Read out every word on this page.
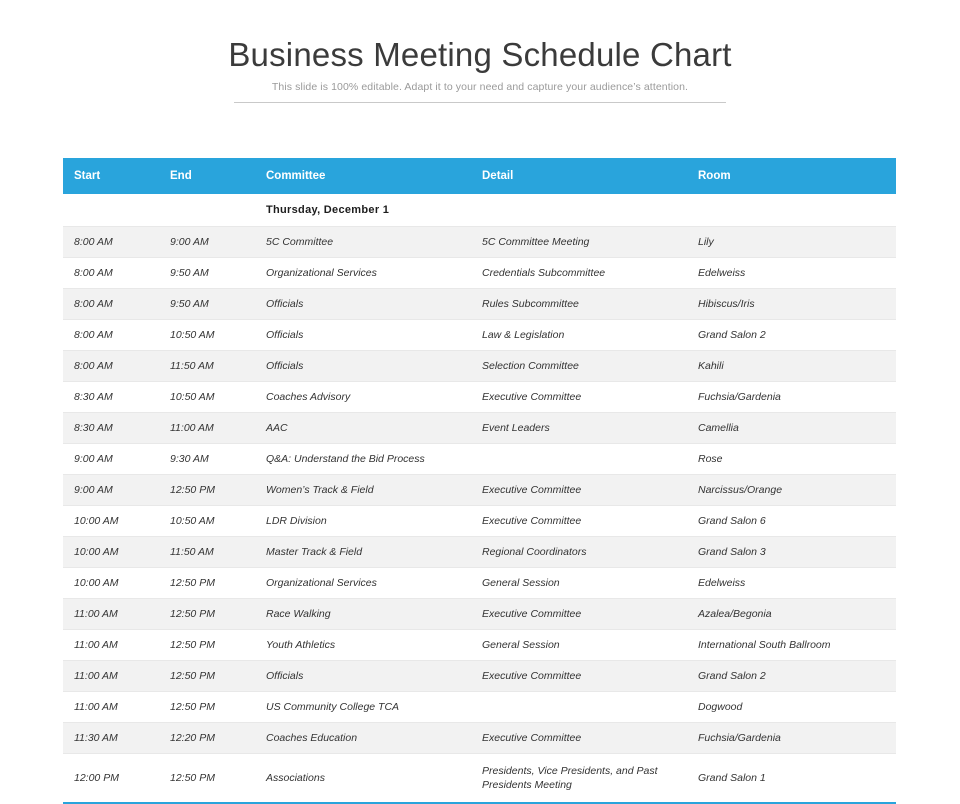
Business Meeting Schedule Chart

This slide is 100% editable. Adapt it to your need and capture your audience’s attention.

Start	End	Committee	Detail	Room
		Thursday, December 1		
8:00 AM	9:00 AM	5C Committee	5C Committee Meeting	Lily
8:00 AM	9:50 AM	Organizational Services	Credentials Subcommittee	Edelweiss
8:00 AM	9:50 AM	Officials	Rules Subcommittee	Hibiscus/Iris
8:00 AM	10:50 AM	Officials	Law & Legislation	Grand Salon 2
8:00 AM	11:50 AM	Officials	Selection Committee	Kahili
8:30 AM	10:50 AM	Coaches Advisory	Executive Committee	Fuchsia/Gardenia
8:30 AM	11:00 AM	AAC	Event Leaders	Camellia
9:00 AM	9:30 AM	Q&A: Understand the Bid Process		Rose
9:00 AM	12:50 PM	Women’s Track & Field	Executive Committee	Narcissus/Orange
10:00 AM	10:50 AM	LDR Division	Executive Committee	Grand Salon 6
10:00 AM	11:50 AM	Master Track & Field	Regional Coordinators	Grand Salon 3
10:00 AM	12:50 PM	Organizational Services	General Session	Edelweiss
11:00 AM	12:50 PM	Race Walking	Executive Committee	Azalea/Begonia
11:00 AM	12:50 PM	Youth Athletics	General Session	International South Ballroom
11:00 AM	12:50 PM	Officials	Executive Committee	Grand Salon 2
11:00 AM	12:50 PM	US Community College TCA		Dogwood
11:30 AM	12:20 PM	Coaches Education	Executive Committee	Fuchsia/Gardenia
12:00 PM	12:50 PM	Associations	Presidents, Vice Presidents, and Past Presidents Meeting	Grand Salon 1
